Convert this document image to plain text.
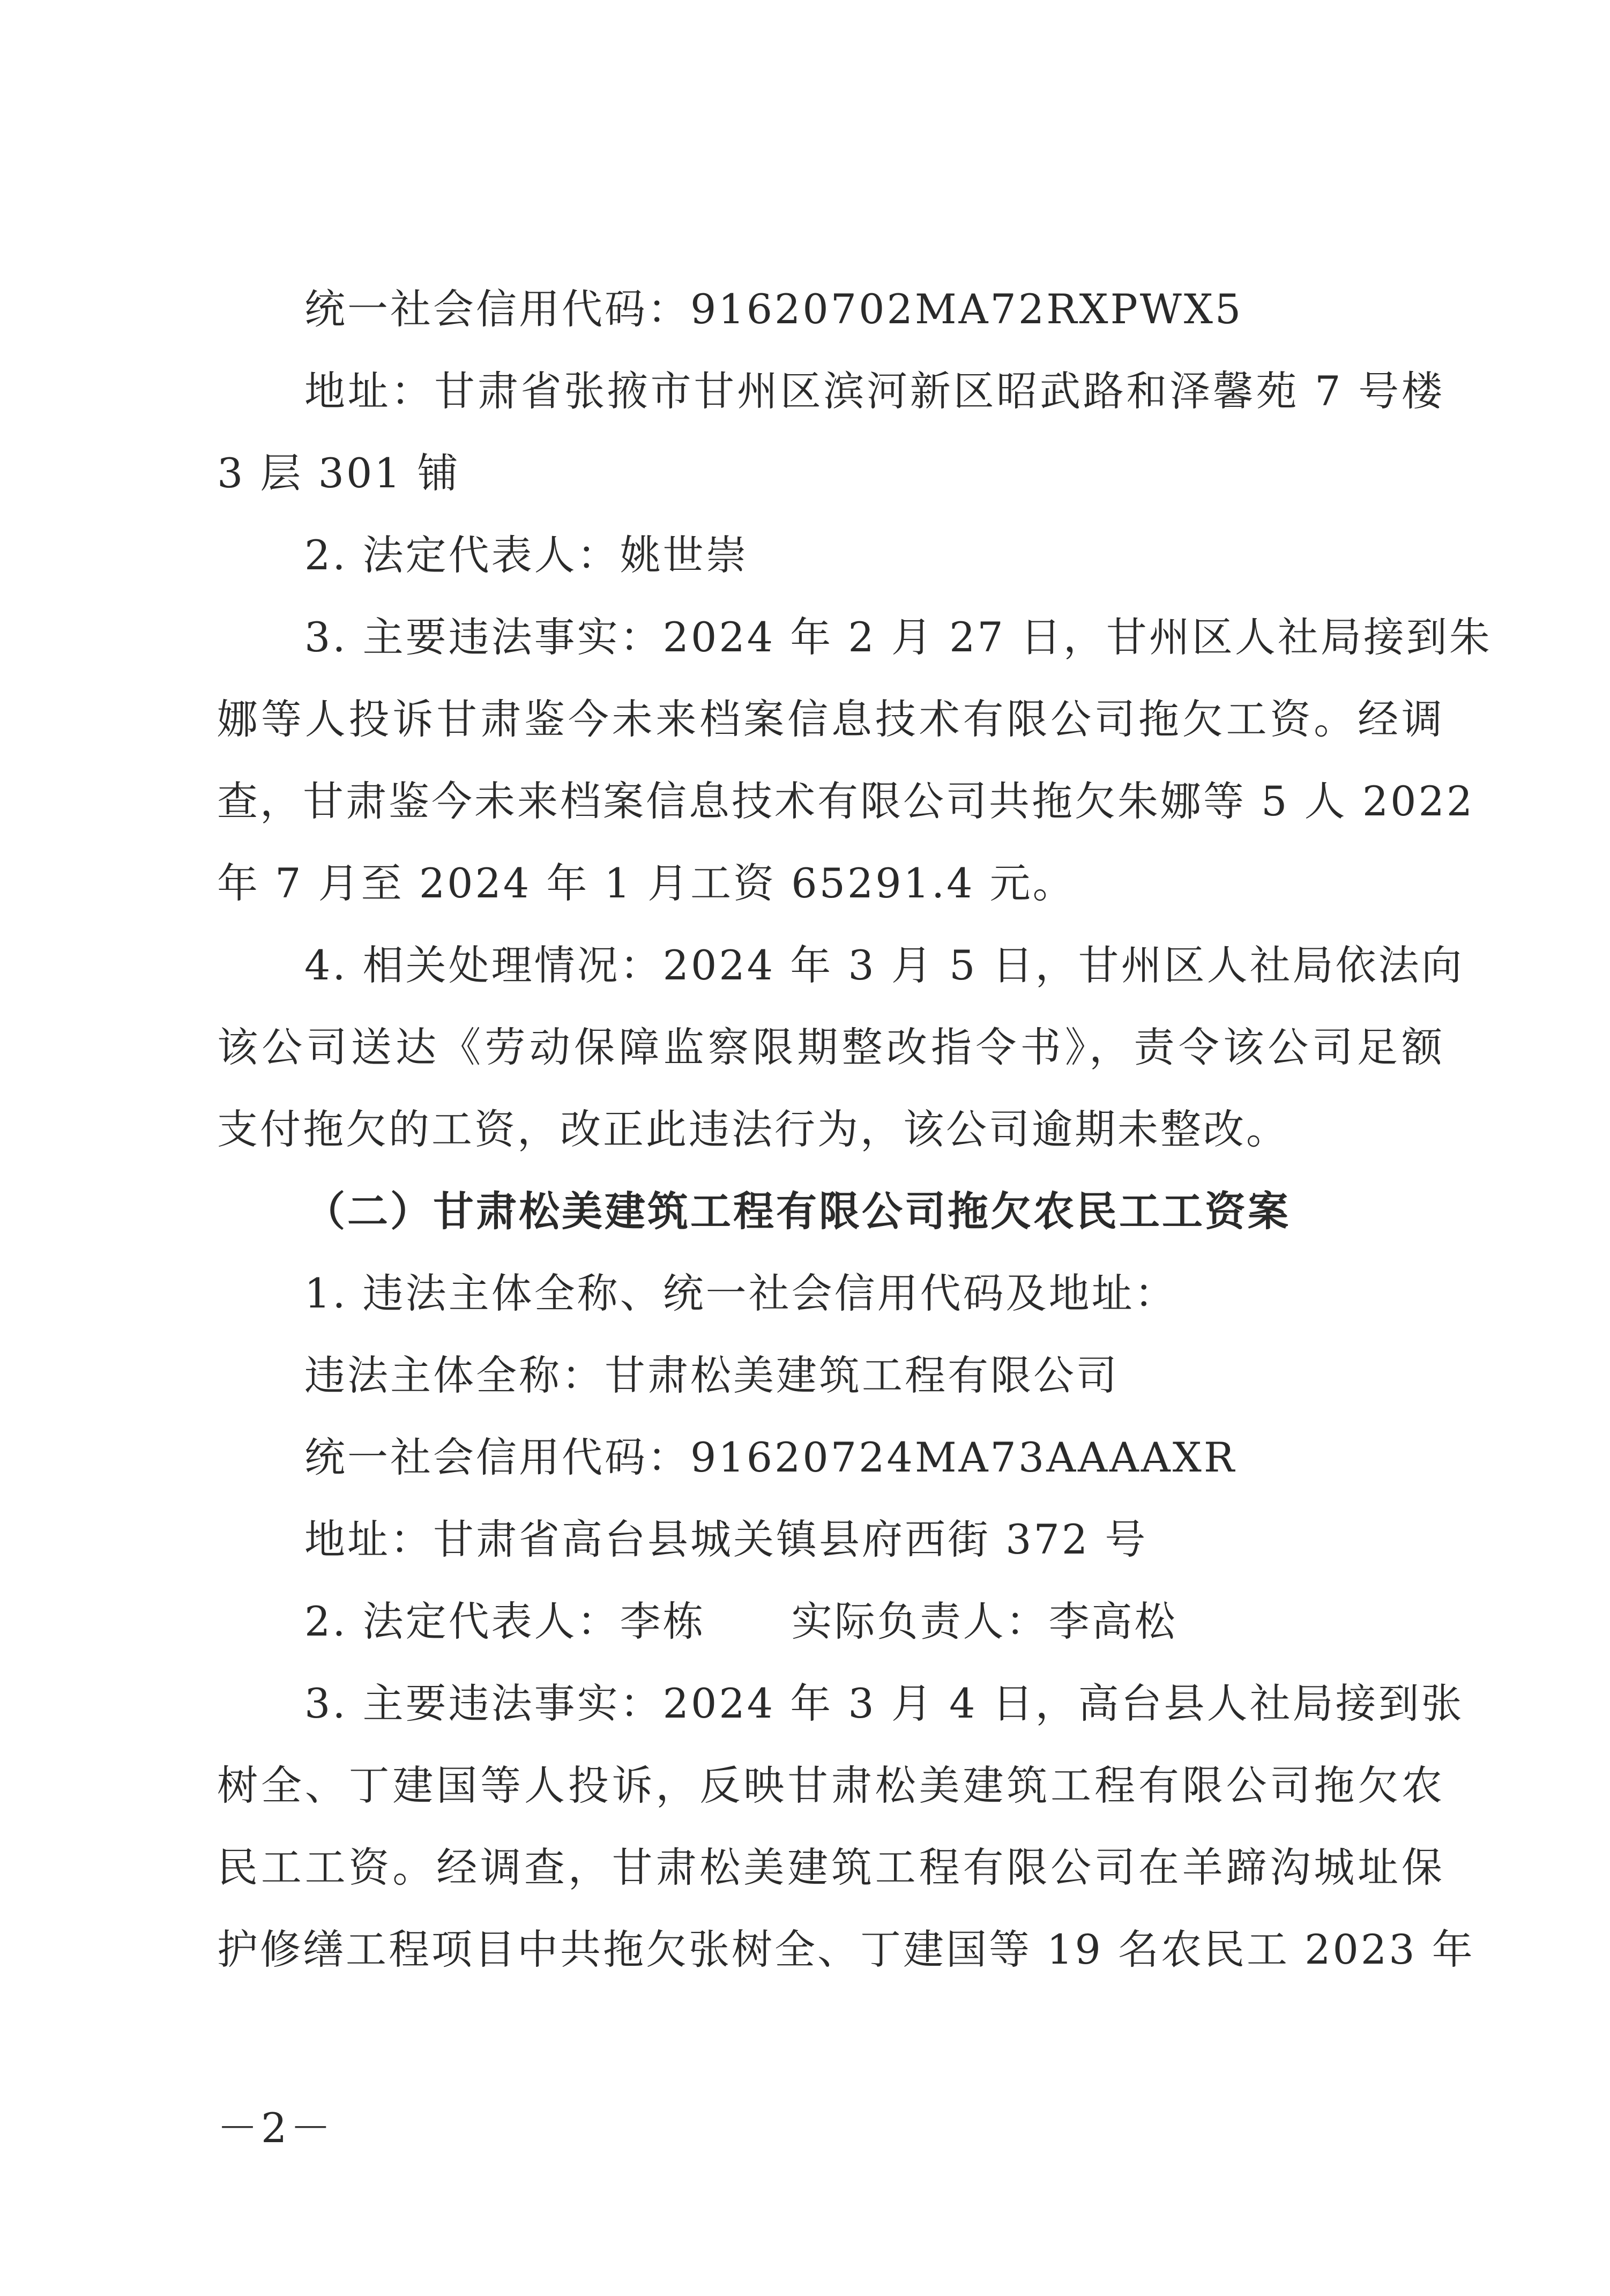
统一社会信用代码：91620702MA72RXPWX5
地址：甘肃省张掖市甘州区滨河新区昭武路和泽馨苑 7 号楼
3 层 301 铺
2. 法定代表人：姚世崇
3. 主要违法事实：2024 年 2 月 27 日，甘州区人社局接到朱
娜等人投诉甘肃鉴今未来档案信息技术有限公司拖欠工资。经调
查，甘肃鉴今未来档案信息技术有限公司共拖欠朱娜等 5 人 2022
年 7 月至 2024 年 1 月工资 65291.4 元。
4. 相关处理情况：2024 年 3 月 5 日，甘州区人社局依法向
该公司送达《劳动保障监察限期整改指令书》，责令该公司足额
支付拖欠的工资，改正此违法行为，该公司逾期未整改。
（二）甘肃松美建筑工程有限公司拖欠农民工工资案
1. 违法主体全称、统一社会信用代码及地址：
违法主体全称：甘肃松美建筑工程有限公司
统一社会信用代码：91620724MA73AAAAXR
地址：甘肃省高台县城关镇县府西街 372 号
2. 法定代表人：李栋　　实际负责人：李高松
3. 主要违法事实：2024 年 3 月 4 日，高台县人社局接到张
树全、丁建国等人投诉，反映甘肃松美建筑工程有限公司拖欠农
民工工资。经调查，甘肃松美建筑工程有限公司在羊蹄沟城址保
护修缮工程项目中共拖欠张树全、丁建国等 19 名农民工 2023 年
－2－
